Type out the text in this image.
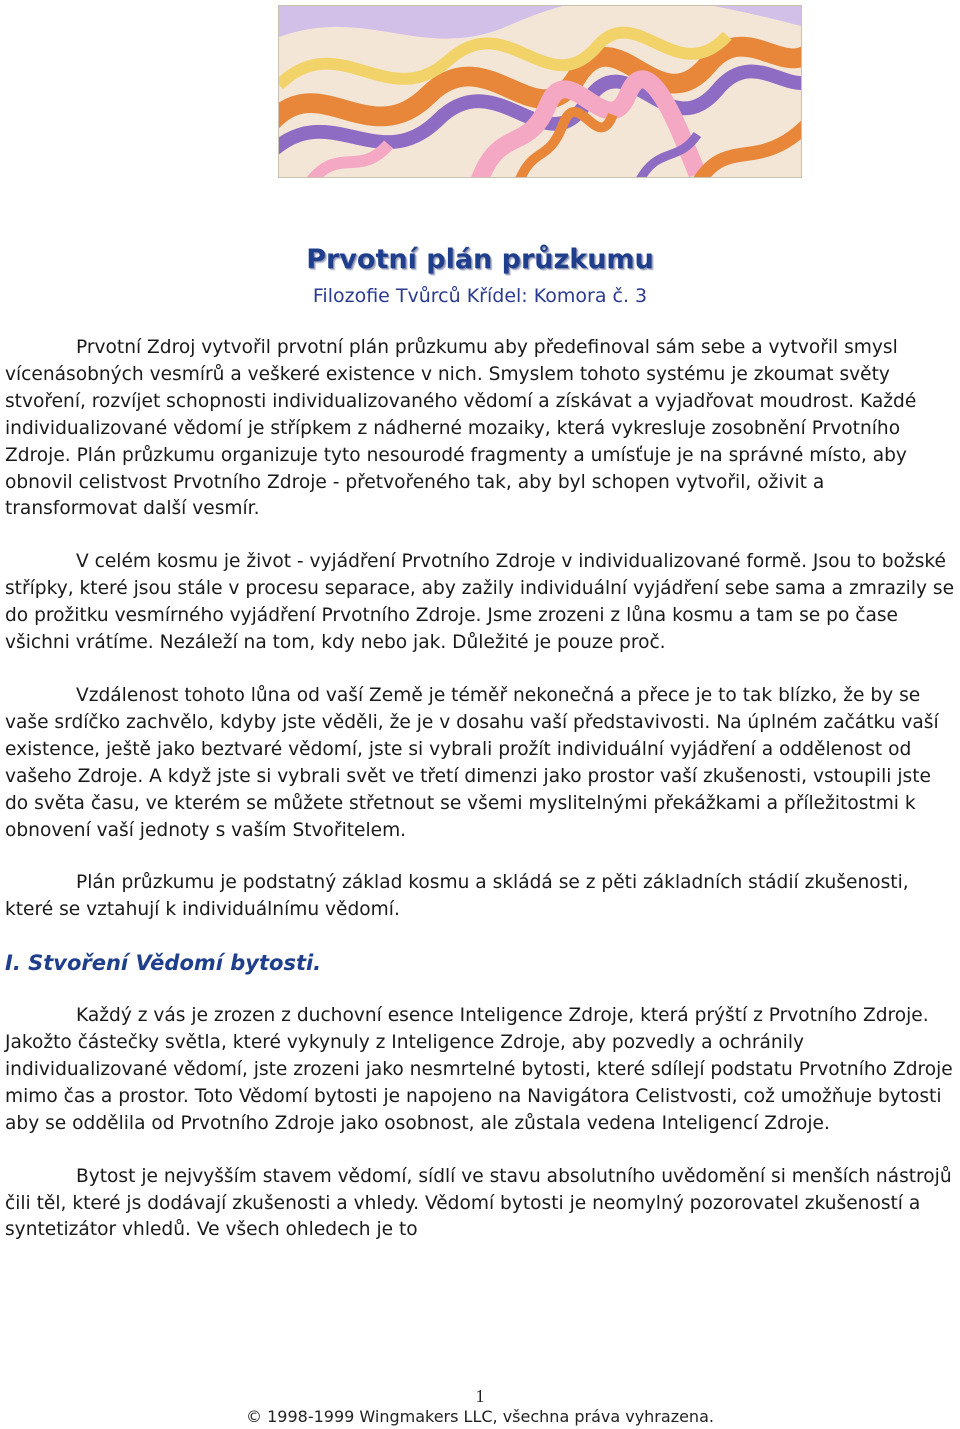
Prvotní plán průzkumu
Filozofie Tvůrců Křídel: Komora č. 3

Prvotní Zdroj vytvořil prvotní plán průzkumu aby předefinoval sám sebe a vytvořil smysl vícenásobných vesmírů a veškeré existence v nich. Smyslem tohoto systému je zkoumat světy stvoření, rozvíjet schopnosti individualizovaného vědomí a získávat a vyjadřovat moudrost. Každé individualizované vědomí je střípkem z nádherné mozaiky, která vykresluje zosobnění Prvotního Zdroje. Plán průzkumu organizuje tyto nesourodé fragmenty a umísťuje je na správné místo, aby obnovil celistvost Prvotního Zdroje - přetvořeného tak, aby byl schopen vytvořil, oživit a transformovat další vesmír.

V celém kosmu je život - vyjádření Prvotního Zdroje v individualizované formě. Jsou to božské střípky, které jsou stále v procesu separace, aby zažily individuální vyjádření sebe sama a zmrazily se do prožitku vesmírného vyjádření Prvotního Zdroje. Jsme zrozeni z lůna kosmu a tam se po čase všichni vrátíme. Nezáleží na tom, kdy nebo jak. Důležité je pouze proč.

Vzdálenost tohoto lůna od vaší Země je téměř nekonečná a přece je to tak blízko, že by se vaše srdíčko zachvělo, kdyby jste věděli, že je v dosahu vaší představivosti. Na úplném začátku vaší existence, ještě jako beztvaré vědomí, jste si vybrali prožít individuální vyjádření a oddělenost od vašeho Zdroje. A když jste si vybrali svět ve třetí dimenzi jako prostor vaší zkušenosti, vstoupili jste do světa času, ve kterém se můžete střetnout se všemi myslitelnými překážkami a příležitostmi k obnovení vaší jednoty s vaším Stvořitelem.

Plán průzkumu je podstatný základ kosmu a skládá se z pěti základních stádií zkušenosti, které se vztahují k individuálnímu vědomí.

I. Stvoření Vědomí bytosti.

Každý z vás je zrozen z duchovní esence Inteligence Zdroje, která prýští z Prvotního Zdroje. Jakožto částečky světla, které vykynuly z Inteligence Zdroje, aby pozvedly a ochránily individualizované vědomí, jste zrozeni jako nesmrtelné bytosti, které sdílejí podstatu Prvotního Zdroje mimo čas a prostor. Toto Vědomí bytosti je napojeno na Navigátora Celistvosti, což umožňuje bytosti aby se oddělila od Prvotního Zdroje jako osobnost, ale zůstala vedena Inteligencí Zdroje.

Bytost je nejvyšším stavem vědomí, sídlí ve stavu absolutního uvědomění si menších nástrojů čili těl, které js dodávají zkušenosti a vhledy. Vědomí bytosti je neomylný pozorovatel zkušeností a syntetizátor vhledů. Ve všech ohledech je to

1
© 1998-1999 Wingmakers LLC, všechna práva vyhrazena.
